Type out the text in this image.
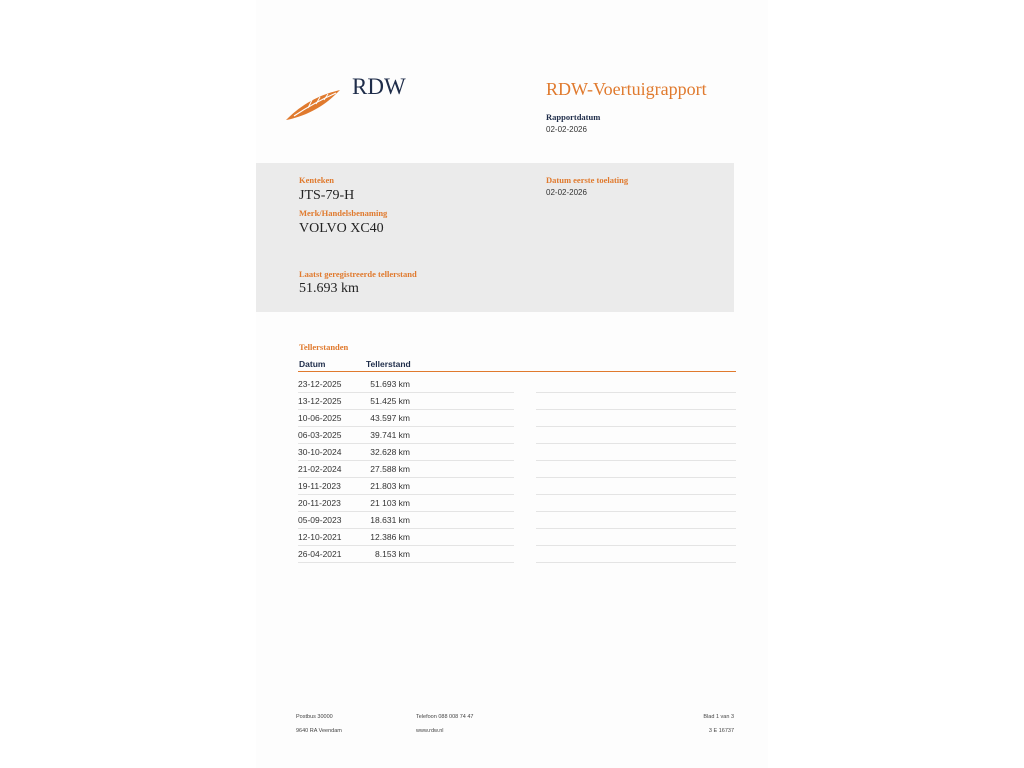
RDW	RDW-Voertuigrapport
Rapportdatum
02-02-2026
Kenteken
JTS-79-H
Merk/Handelsbenaming
VOLVO XC40
Datum eerste toelating
02-02-2026
Laatst geregistreerde tellerstand
51.693 km
Tellerstanden
Datum	Tellerstand
23-12-2025	51.693 km
13-12-2025	51.425 km
10-06-2025	43.597 km
06-03-2025	39.741 km
30-10-2024	32.628 km
21-02-2024	27.588 km
19-11-2023	21.803 km
20-11-2023	21 103 km
05-09-2023	18.631 km
12-10-2021	12.386 km
26-04-2021	8.153 km
Postbus 30000
9640 RA Veendam
Telefoon 088 008 74 47
www.rdw.nl
Blad 1 van 3
3 E 16737
